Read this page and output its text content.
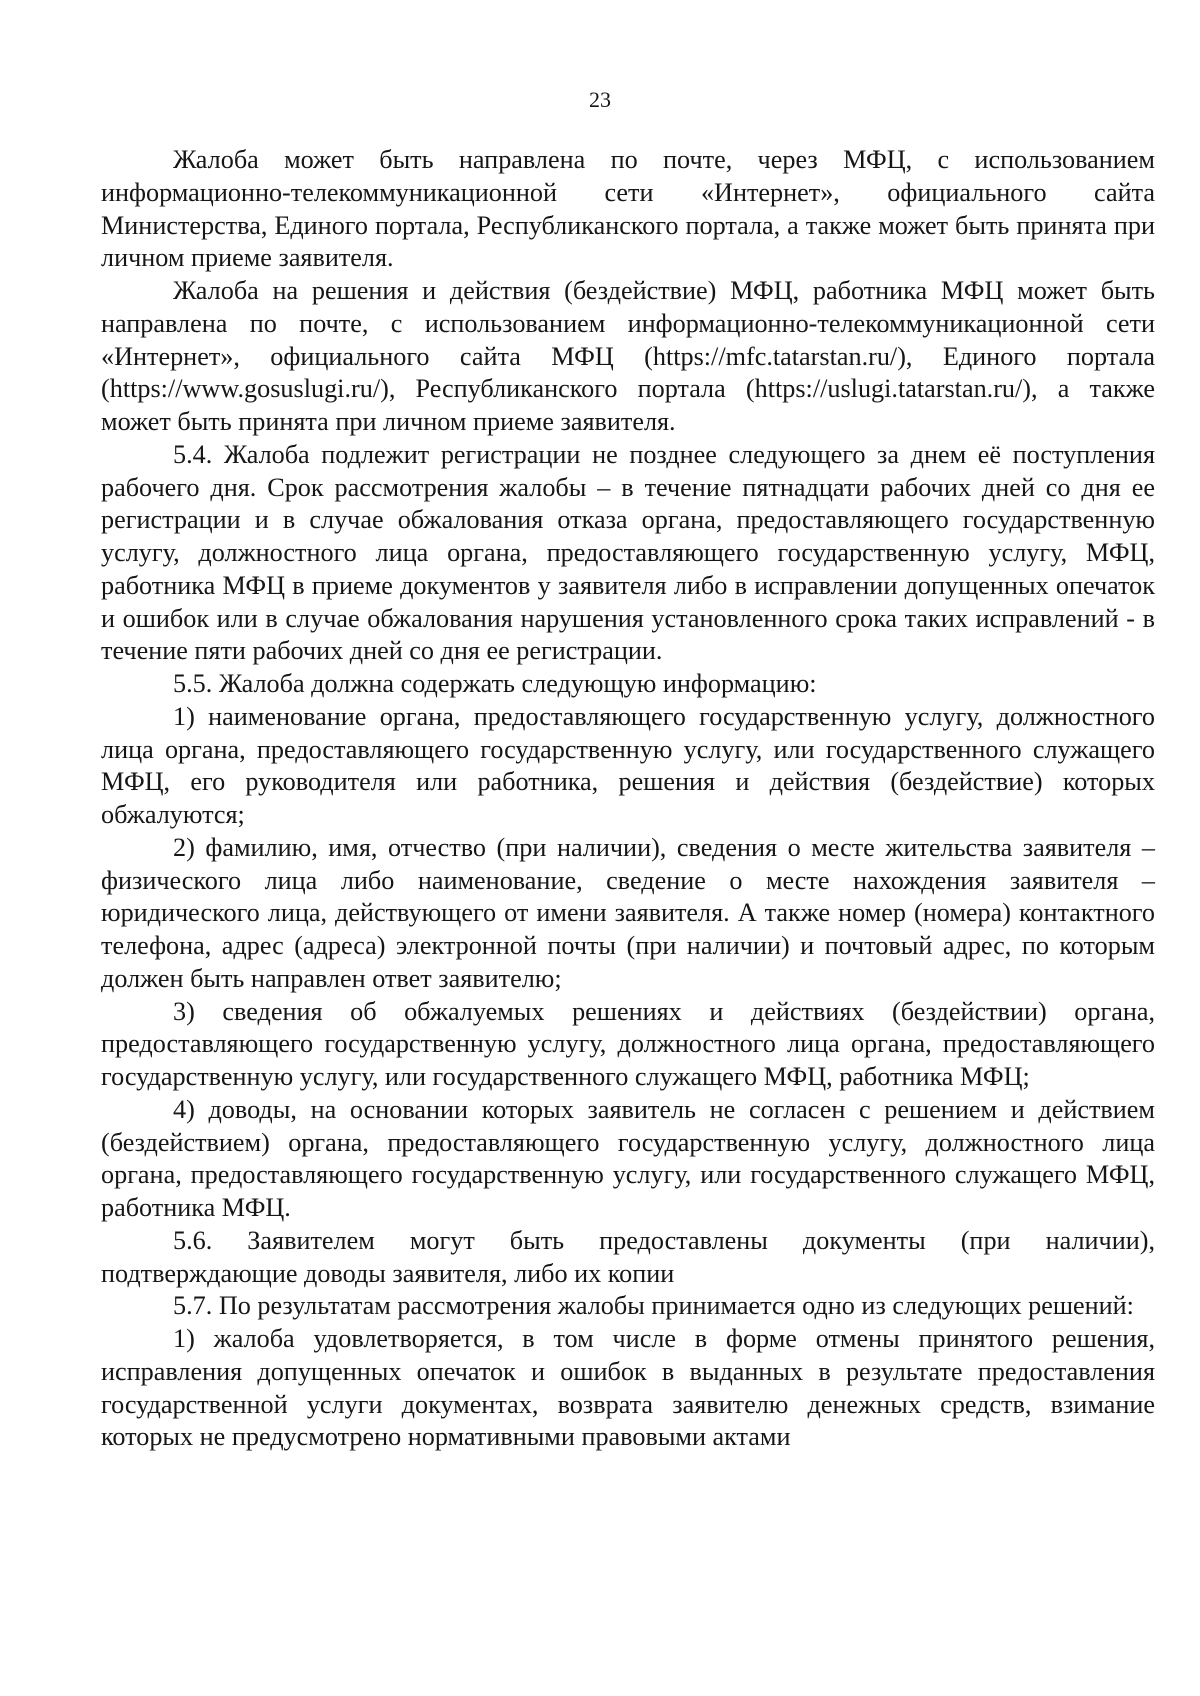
23

Жалоба может быть направлена по почте, через МФЦ, с использованием информационно-телекоммуникационной сети «Интернет», официального сайта Министерства, Единого портала, Республиканского портала, а также может быть принята при личном приеме заявителя.

Жалоба на решения и действия (бездействие) МФЦ, работника МФЦ может быть направлена по почте, с использованием информационно-телекоммуникационной сети «Интернет», официального сайта МФЦ (https://mfc.tatarstan.ru/), Единого портала (https://www.gosuslugi.ru/), Республиканского портала (https://uslugi.tatarstan.ru/), а также может быть принята при личном приеме заявителя.

5.4. Жалоба подлежит регистрации не позднее следующего за днем её поступления рабочего дня. Срок рассмотрения жалобы – в течение пятнадцати рабочих дней со дня ее регистрации и в случае обжалования отказа органа, предоставляющего государственную услугу, должностного лица органа, предоставляющего государственную услугу, МФЦ, работника МФЦ в приеме документов у заявителя либо в исправлении допущенных опечаток и ошибок или в случае обжалования нарушения установленного срока таких исправлений - в течение пяти рабочих дней со дня ее регистрации.

5.5. Жалоба должна содержать следующую информацию:

1) наименование органа, предоставляющего государственную услугу, должностного лица органа, предоставляющего государственную услугу, или государственного служащего МФЦ, его руководителя или работника, решения и действия (бездействие) которых обжалуются;

2) фамилию, имя, отчество (при наличии), сведения о месте жительства заявителя – физического лица либо наименование, сведение о месте нахождения заявителя – юридического лица, действующего от имени заявителя. А также номер (номера) контактного телефона, адрес (адреса) электронной почты (при наличии) и почтовый адрес, по которым должен быть направлен ответ заявителю;

3) сведения об обжалуемых решениях и действиях (бездействии) органа, предоставляющего государственную услугу, должностного лица органа, предоставляющего государственную услугу, или государственного служащего МФЦ, работника МФЦ;

4) доводы, на основании которых заявитель не согласен с решением и действием (бездействием) органа, предоставляющего государственную услугу, должностного лица органа, предоставляющего государственную услугу, или государственного служащего МФЦ, работника МФЦ.

5.6. Заявителем могут быть предоставлены документы (при наличии), подтверждающие доводы заявителя, либо их копии

5.7. По результатам рассмотрения жалобы принимается одно из следующих решений:

1) жалоба удовлетворяется, в том числе в форме отмены принятого решения, исправления допущенных опечаток и ошибок в выданных в результате предоставления государственной услуги документах, возврата заявителю денежных средств, взимание которых не предусмотрено нормативными правовыми актами
